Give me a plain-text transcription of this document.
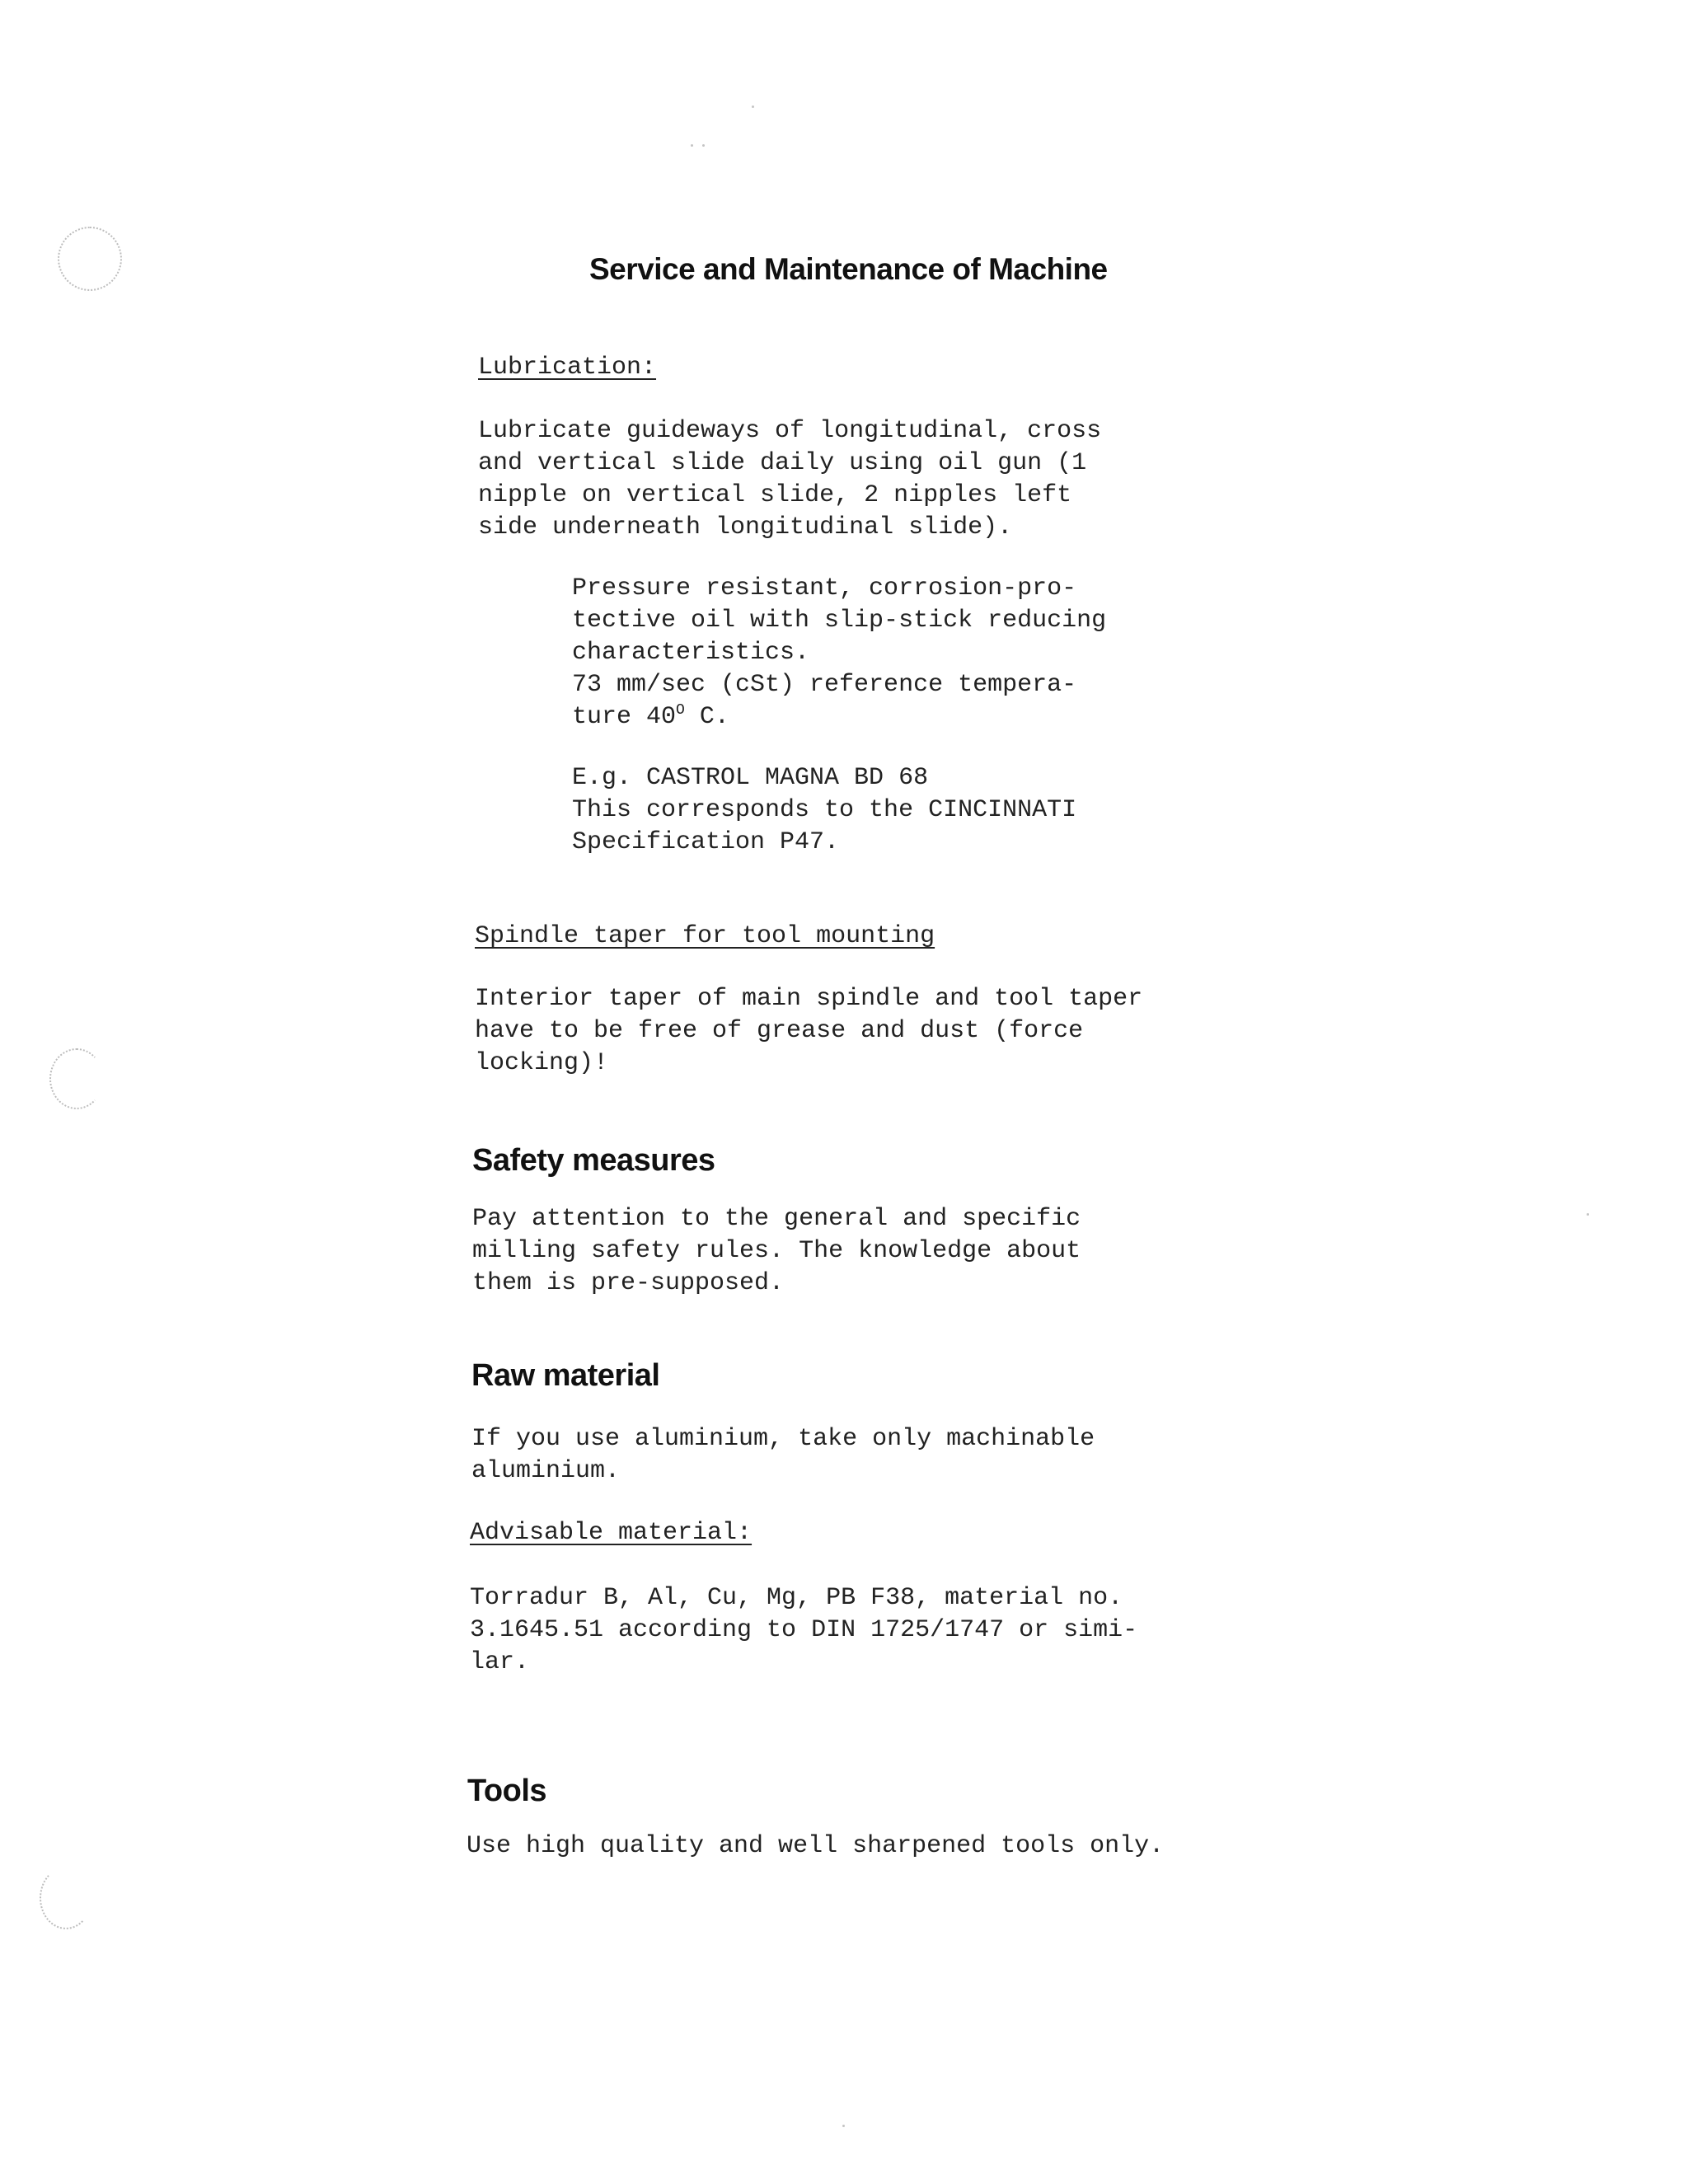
Service and Maintenance of Machine
Lubrication:
Lubricate guideways of longitudinal, cross
and vertical slide daily using oil gun (1
nipple on vertical slide, 2 nipples left
side underneath longitudinal slide).
Pressure resistant, corrosion-pro-
tective oil with slip-stick reducing
characteristics.
73 mm/sec (cSt) reference tempera-
ture $40^O$ C.
E.g. CASTROL MAGNA BD 68
This corresponds to the CINCINNATI
Specification P47.
Spindle taper for tool mounting
Interior taper of main spindle and tool taper
have to be free of grease and dust (force
locking)!
Safety measures
Pay attention to the general and specific
milling safety rules. The knowledge about
them is pre-supposed.
Raw material
If you use aluminium, take only machinable
aluminium.
Advisable material:
Torradur B, Al, Cu, Mg, PB F38, material no.
3.1645.51 according to DIN 1725/1747 or simi-
lar.
Tools
Use high quality and well sharpened tools only.
